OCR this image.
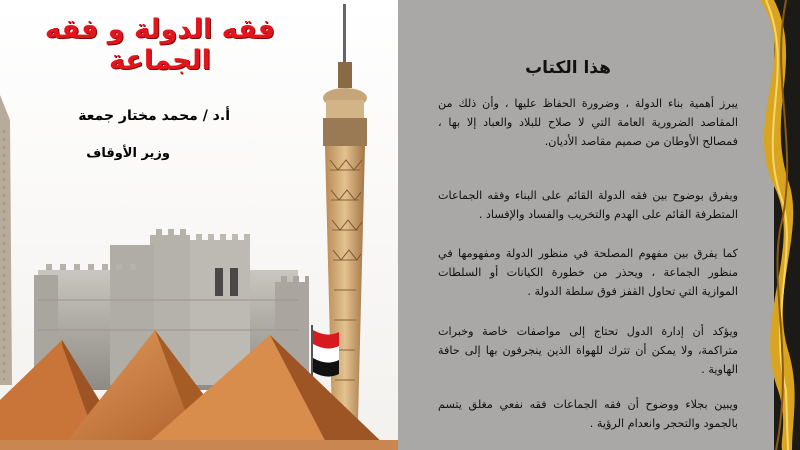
فقه الدولة و فقه الجماعة
أ.د / محمد مختار جمعة
وزير الأوقاف
هذا الكتاب
يبرز أهمية بناء الدولة ، وضرورة الحفاظ عليها ، وأن ذلك من المقاصد الضرورية العامة التي لا صلاح للبلاد والعباد إلا بها ، فمصالح الأوطان من صميم مقاصد الأديان.
ويفرق بوضوح بين فقه الدولة القائم على البناء وفقه الجماعات المتطرفة القائم على الهدم والتخريب والفساد والإفساد .
كما يفرق بين مفهوم المصلحة في منظور الدولة ومفهومها في منظور الجماعة ، ويحذر من خطورة الكيانات أو السلطات الموازية التي تحاول القفز فوق سلطة الدولة .
ويؤكد أن إدارة الدول تحتاج إلى مواصفات خاصة وخبرات متراكمة، ولا يمكن أن تترك للهواة الذين ينجرفون بها إلى حافة الهاوية .
ويبين بجلاء ووضوح أن فقه الجماعات فقه نفعي مغلق يتسم بالجمود والتحجر وانعدام الرؤية .
